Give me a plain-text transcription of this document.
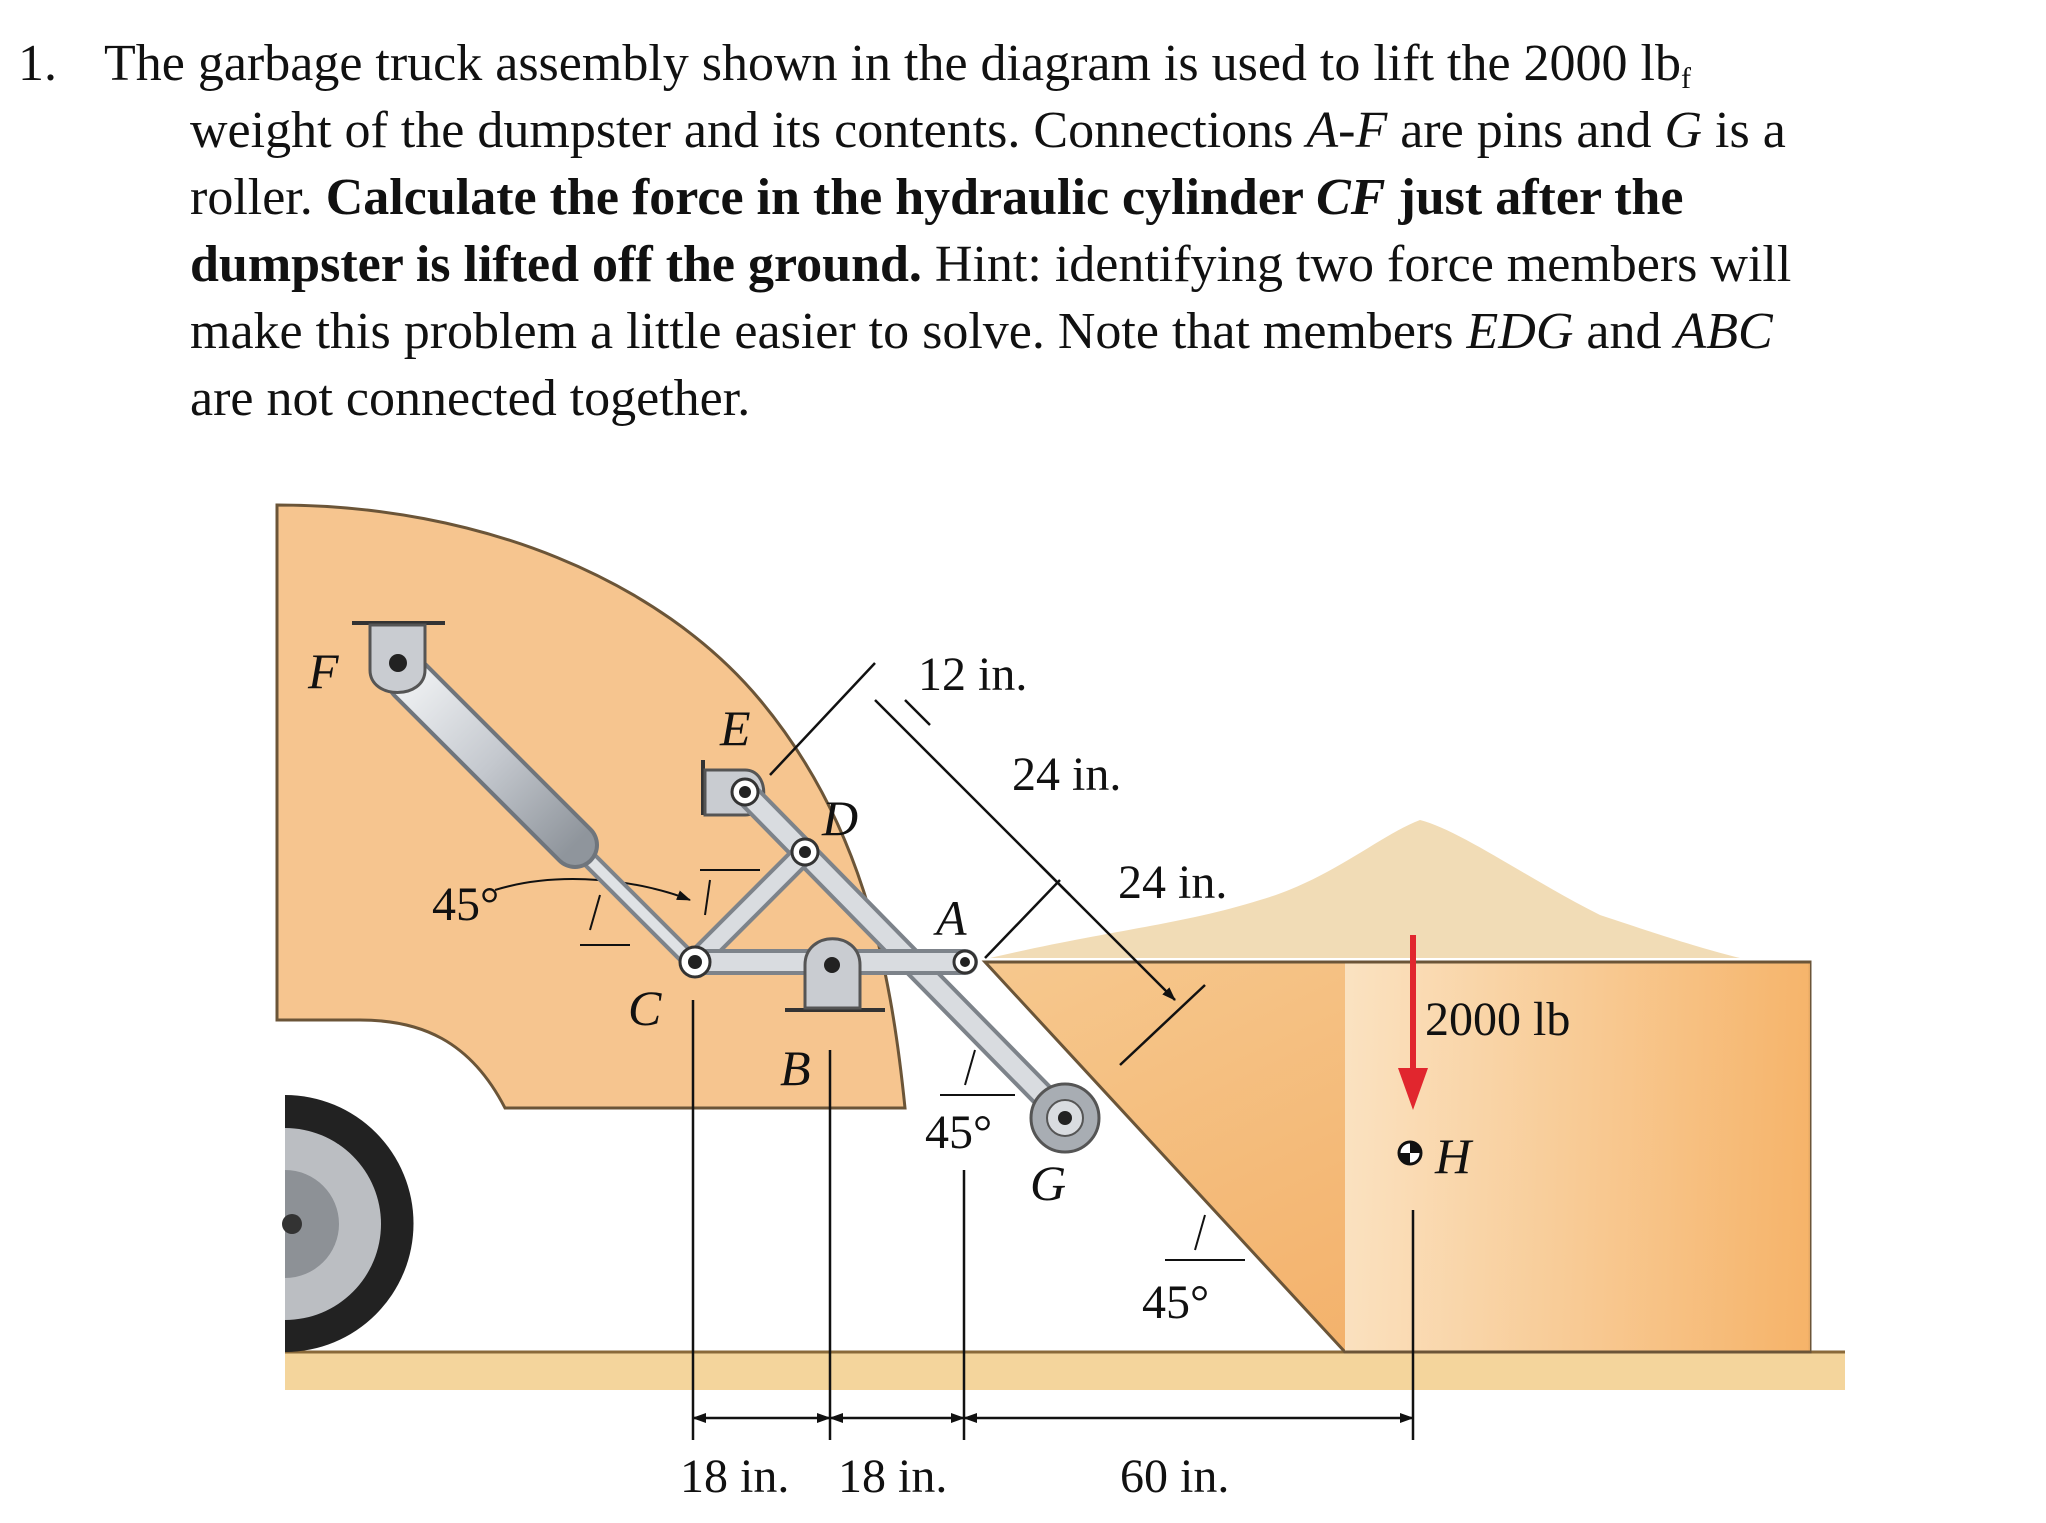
1. The garbage truck assembly shown in the diagram is used to lift the 2000 $lb_f$
weight of the dumpster and its contents. Connections A-F are pins and G is a
roller. Calculate the force in the hydraulic cylinder CF just after the
dumpster is lifted off the ground. Hint: identifying two force members will
make this problem a little easier to solve. Note that members EDG and ABC
are not connected together.
F
E
D
A
C
B
G	H
12 in.
24 in.
24 in.
45°
45°
45°
2000 lb
18 in. 18 in.	60 in.
